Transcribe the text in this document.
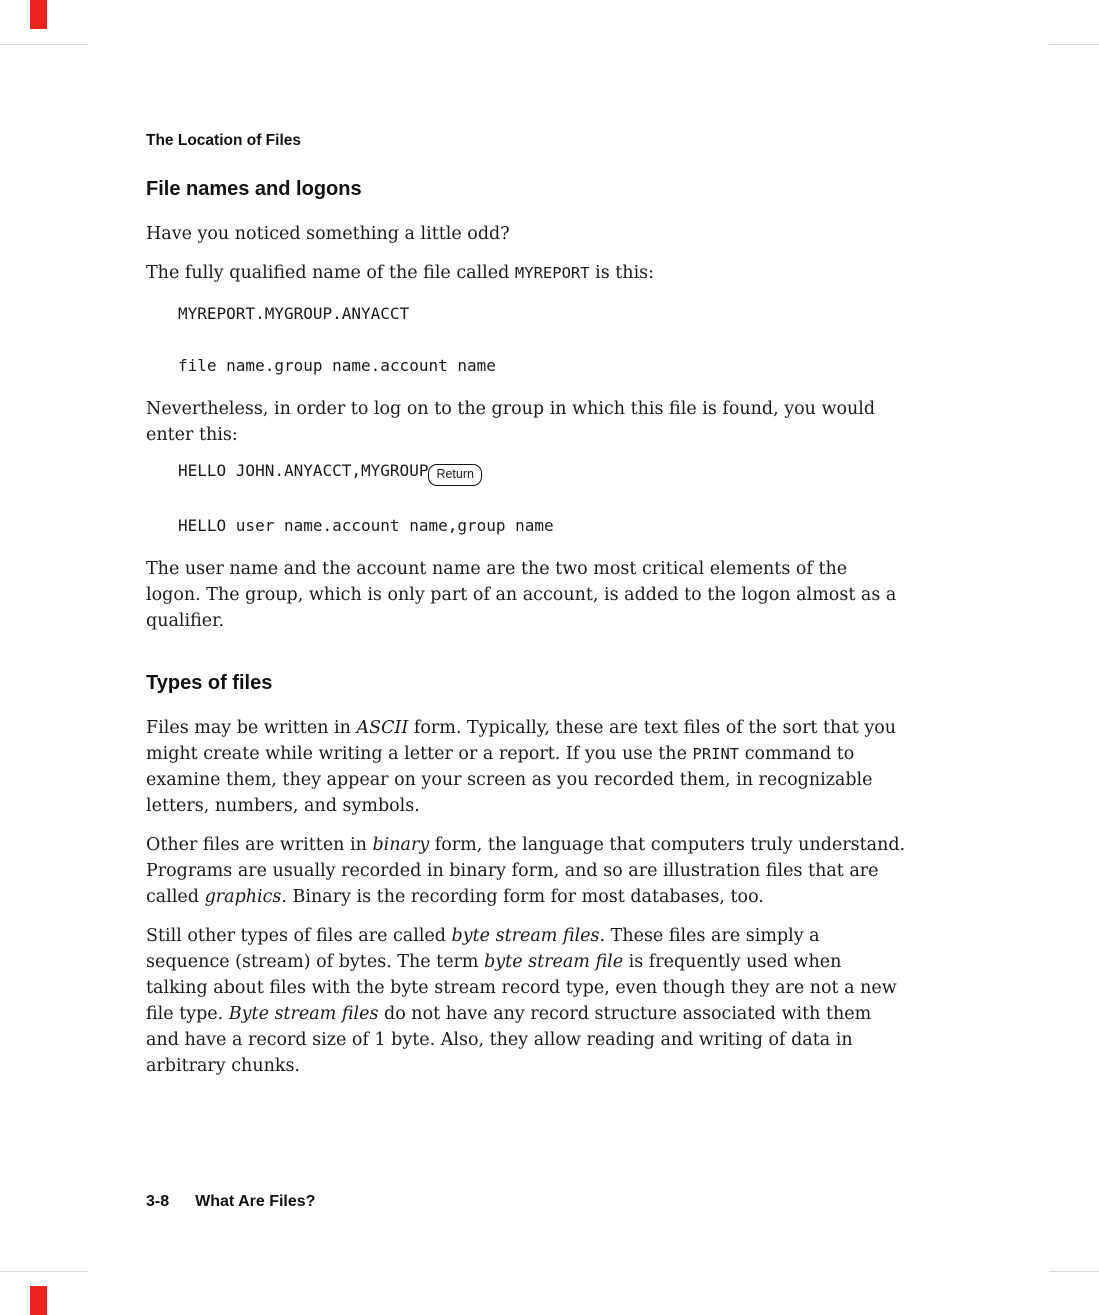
The Location of Files
File names and logons

Have you noticed something a little odd?

The fully qualified name of the file called MYREPORT is this:

MYREPORT.MYGROUP.ANYACCT
file name.group name.account name

Nevertheless, in order to log on to the group in which this file is found, you would enter this:

HELLO JOHN.ANYACCT,MYGROUP Return
HELLO user name.account name,group name

The user name and the account name are the two most critical elements of the logon. The group, which is only part of an account, is added to the logon almost as a qualifier.

Types of files

Files may be written in ASCII form. Typically, these are text files of the sort that you might create while writing a letter or a report. If you use the PRINT command to examine them, they appear on your screen as you recorded them, in recognizable letters, numbers, and symbols.

Other files are written in binary form, the language that computers truly understand. Programs are usually recorded in binary form, and so are illustration files that are called graphics. Binary is the recording form for most databases, too.

Still other types of files are called byte stream files. These files are simply a sequence (stream) of bytes. The term byte stream file is frequently used when talking about files with the byte stream record type, even though they are not a new file type. Byte stream files do not have any record structure associated with them and have a record size of 1 byte. Also, they allow reading and writing of data in arbitrary chunks.

3-8 What Are Files?
